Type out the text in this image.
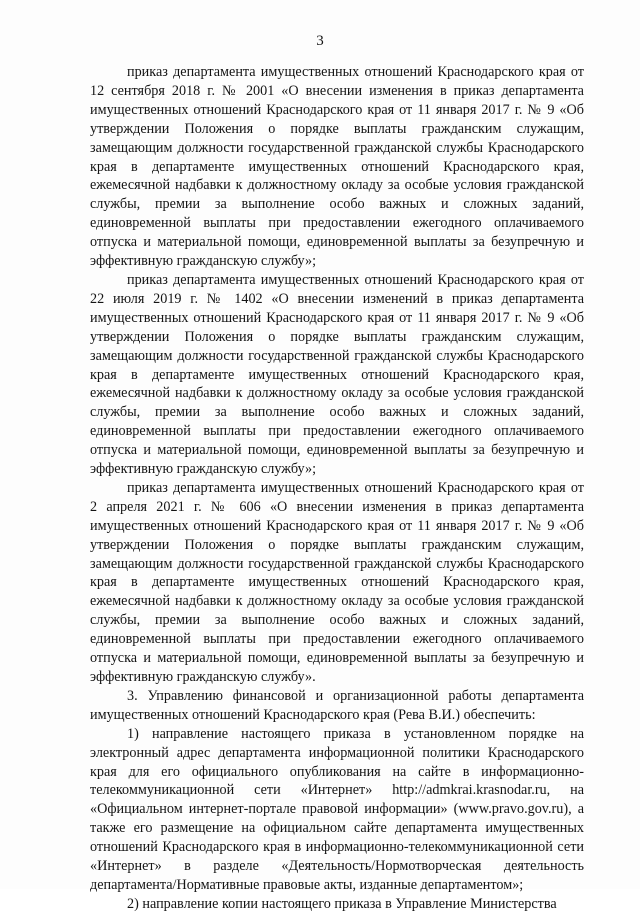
3

приказ департамента имущественных отношений Краснодарского края от 12 сентября 2018 г. № 2001 «О внесении изменения в приказ департамента имущественных отношений Краснодарского края от 11 января 2017 г. № 9 «Об утверждении Положения о порядке выплаты гражданским служащим, замещающим должности государственной гражданской службы Краснодарского края в департаменте имущественных отношений Краснодарского края, ежемесячной надбавки к должностному окладу за особые условия гражданской службы, премии за выполнение особо важных и сложных заданий, единовременной выплаты при предоставлении ежегодного оплачиваемого отпуска и материальной помощи, единовременной выплаты за безупречную и эффективную гражданскую службу»;

приказ департамента имущественных отношений Краснодарского края от 22 июля 2019 г. № 1402 «О внесении изменений в приказ департамента имущественных отношений Краснодарского края от 11 января 2017 г. № 9 «Об утверждении Положения о порядке выплаты гражданским служащим, замещающим должности государственной гражданской службы Краснодарского края в департаменте имущественных отношений Краснодарского края, ежемесячной надбавки к должностному окладу за особые условия гражданской службы, премии за выполнение особо важных и сложных заданий, единовременной выплаты при предоставлении ежегодного оплачиваемого отпуска и материальной помощи, единовременной выплаты за безупречную и эффективную гражданскую службу»;

приказ департамента имущественных отношений Краснодарского края от 2 апреля 2021 г. № 606 «О внесении изменения в приказ департамента имущественных отношений Краснодарского края от 11 января 2017 г. № 9 «Об утверждении Положения о порядке выплаты гражданским служащим, замещающим должности государственной гражданской службы Краснодарского края в департаменте имущественных отношений Краснодарского края, ежемесячной надбавки к должностному окладу за особые условия гражданской службы, премии за выполнение особо важных и сложных заданий, единовременной выплаты при предоставлении ежегодного оплачиваемого отпуска и материальной помощи, единовременной выплаты за безупречную и эффективную гражданскую службу».

3. Управлению финансовой и организационной работы департамента имущественных отношений Краснодарского края (Рева В.И.) обеспечить:

1) направление настоящего приказа в установленном порядке на электронный адрес департамента информационной политики Краснодарского края для его официального опубликования на сайте в информационно-телекоммуникационной сети «Интернет» http://admkrai.krasnodar.ru, на «Официальном интернет-портале правовой информации» (www.pravo.gov.ru), а также его размещение на официальном сайте департамента имущественных отношений Краснодарского края в информационно-телекоммуникационной сети «Интернет» в разделе «Деятельность/Нормотворческая деятельность департамента/Нормативные правовые акты, изданные департаментом»;

2) направление копии настоящего приказа в Управление Министерства
